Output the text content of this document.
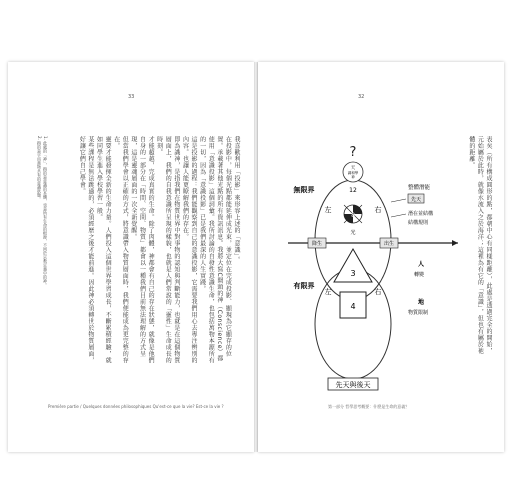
33

我喜歡利用「投影」來形容上述的「意識」。

在投影中，每個光點都能延伸成光束，並定位在完成投影、顯現為它顯存的位置。承載著其他光點的所有資訊訊息。我將大寫C開頭的神（Conscience）都使用「意識投影」這個詞彙。我所討論的自發性意識生命，也包括萬物本源所有的一切，因為「意識投影」已是我們最深的人生實踐。

這是投影的過程：我們能觀察到自己的意識投影，它需要我們用心去專注辨別的內容。也讓人能更瞭解我們的存在。

即為識神，是指我們在物質世界中對事物的認知與判斷能力，也就是在這個物質層面上，我們的自我意識所呈現的樣貌，也就是人們常說的「靈性」生命成長的時刻。

才能超越，完成真實的生命。除了肉體，神都會有自己的存在狀態，就像是他們自身的一部分在「時間、空間、物質」都會以一種我們目前無法理解的方式呈現，這是靈魂層面的一次全新覺醒。

但當我們學會以正確的方式，將意識帶入物質層面時，我們便能成為更完整的存在。

靈要才能發揮全新的生命力量。人們投入這個世界學習成長，不斷累積經驗，就如同學生進入學校學習一般。

某些課程是無法跳過的，必須經歷之後才能前進。因此神必須轉世於物質層面，好讓它們自己學會。

1. 此處的「神」，指的是意識的本體，也是所有生命的根源，不同於宗教定義中的神。

2. 指的是宇宙萬物共有的意識狀態。

Première partie / Quelques données philosophiques Qu'est-ce que la vie? Est-ce la vie ?
32
?
天
調和學
神
12
左	右
8
光
無限界
有限界
降生	出生
3
左	右
4
先天與後天
整體潛能
先天
潛在並結構
結構規則
人
轉變
地
物質限制	表矣（所有構成圓形的點，都朝中心有同樣距離），此處是透過完全的開始，元始屬於此時，就像水流入之於海洋；這裡為有它的「意識」，但也有屬於祂體的距離。

第一部分 哲學思考概要：什麼是生命的意義？
